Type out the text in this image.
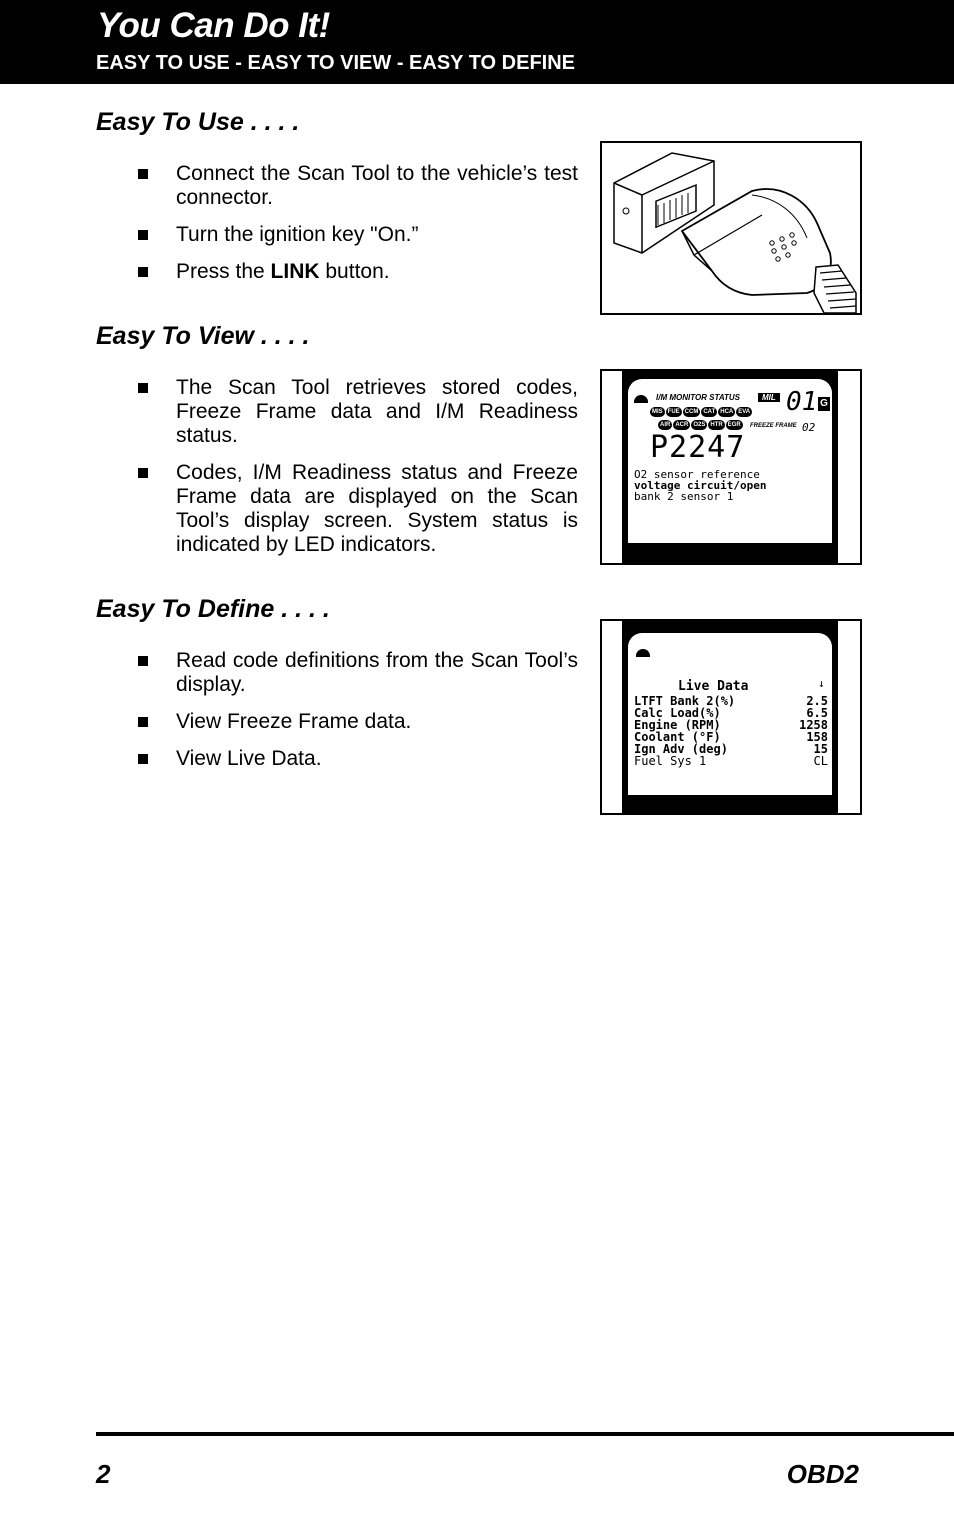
You Can Do It!
EASY TO USE - EASY TO VIEW - EASY TO DEFINE
Easy To Use . . . .
Connect the Scan Tool to the vehicle’s test connector.
Turn the ignition key "On.”
Press the LINK button.
Easy To View . . . .
The Scan Tool retrieves stored codes, Freeze Frame data and I/M Readiness status.
Codes, I/M Readiness status and Freeze Frame data are displayed on the Scan Tool’s display screen. System status is indicated by LED indicators.
I/M MONITOR STATUS	MIL 01 G
MIS FUE CCM CAT HCA EVA
AIR ACR O2S HTR EGR	FREEZE FRAME 02
P2247
O2 sensor reference
voltage circuit/open
bank 2 sensor 1
Easy To Define . . . .
Read code definitions from the Scan Tool’s display.
View Freeze Frame data.
View Live Data.
↓
Live Data
LTFT Bank 2(%)	2.5
Calc Load(%)	6.5
Engine (RPM)	1258
Coolant (°F)	158
Ign Adv (deg)	15
Fuel Sys 1	CL
2	OBD2
